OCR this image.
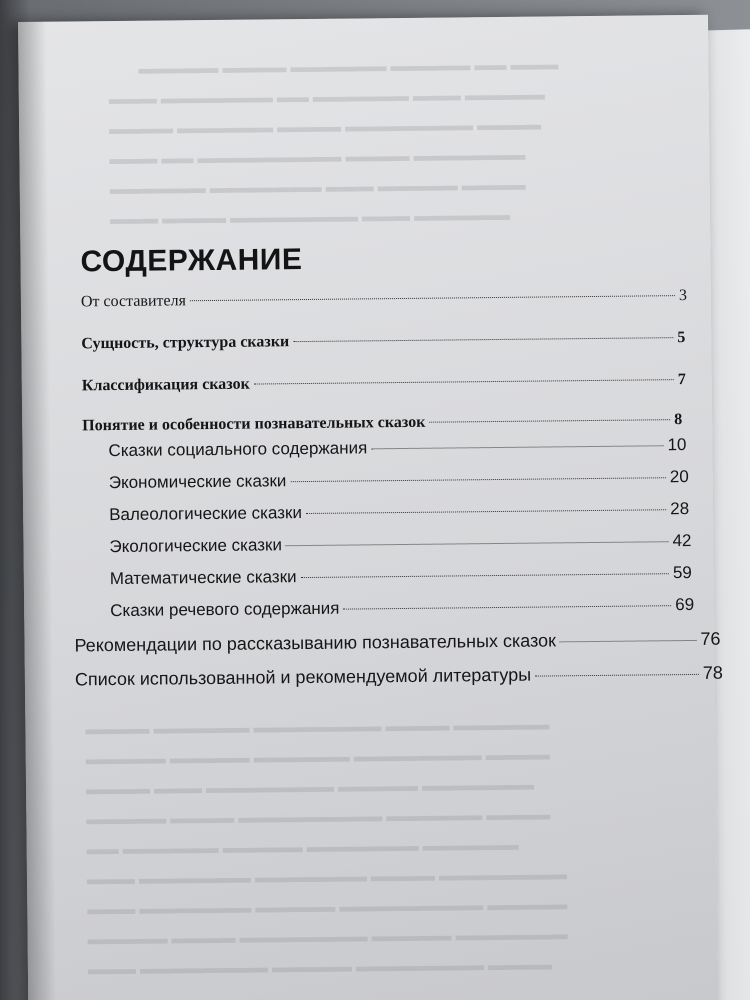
▬▬▬ ▬▬ ▬▬▬▬▬ ▬▬▬▬▬▬ ▬▬▬▬ ▬▬▬▬▬
▬▬▬▬▬ ▬▬▬ ▬▬▬▬▬▬ ▬▬ ▬▬▬▬▬▬▬ ▬▬▬
▬▬▬▬ ▬▬▬▬▬▬▬▬ ▬▬▬▬ ▬▬▬▬▬▬ ▬▬▬▬
▬▬▬▬▬▬▬ ▬▬▬▬ ▬▬▬▬▬▬▬▬▬ ▬▬ ▬▬▬
▬▬▬▬ ▬▬▬▬▬ ▬▬▬ ▬▬▬▬▬▬▬ ▬▬▬▬▬▬
▬▬▬▬▬▬ ▬▬▬ ▬▬▬▬▬▬▬▬ ▬▬▬▬ ▬▬▬
▬▬▬▬▬▬ ▬▬▬▬ ▬▬▬▬▬▬▬▬ ▬▬▬▬▬▬ ▬▬▬▬
▬▬▬▬ ▬▬▬▬▬▬▬▬ ▬▬▬▬▬▬ ▬▬▬▬▬ ▬▬▬▬▬
▬▬▬▬▬▬▬ ▬▬▬▬▬ ▬▬▬▬▬▬▬▬ ▬▬▬ ▬▬▬▬
▬▬▬▬ ▬▬▬▬▬▬ ▬▬▬▬▬▬▬▬▬ ▬▬▬▬ ▬▬▬▬▬
▬▬▬▬▬▬ ▬▬▬▬▬▬▬ ▬▬▬▬▬ ▬▬▬▬▬▬ ▬▬
▬▬▬▬▬▬▬▬ ▬▬▬▬ ▬▬▬▬▬▬▬ ▬▬▬▬▬▬▬ ▬▬▬
▬▬▬▬▬ ▬▬▬▬▬▬▬▬▬ ▬▬▬▬▬ ▬▬▬▬▬▬▬ ▬▬▬
▬▬▬▬▬▬▬ ▬▬▬▬▬ ▬▬▬▬▬▬▬▬ ▬▬▬▬ ▬▬▬▬▬
▬▬▬▬ ▬▬▬▬▬▬▬▬ ▬▬▬▬▬ ▬▬▬▬▬▬▬▬ ▬▬▬
СОДЕРЖАНИЕ
От составителя	3
Сущность, структура сказки	5
Классификация сказок	7
Понятие и особенности познавательных сказок	8
Сказки социального содержания	10
Экономические сказки	20
Валеологические сказки	28
Экологические сказки	42
Математические сказки	59
Сказки речевого содержания	69
Рекомендации по рассказыванию познавательных сказок	76
Список использованной и рекомендуемой литературы	78
